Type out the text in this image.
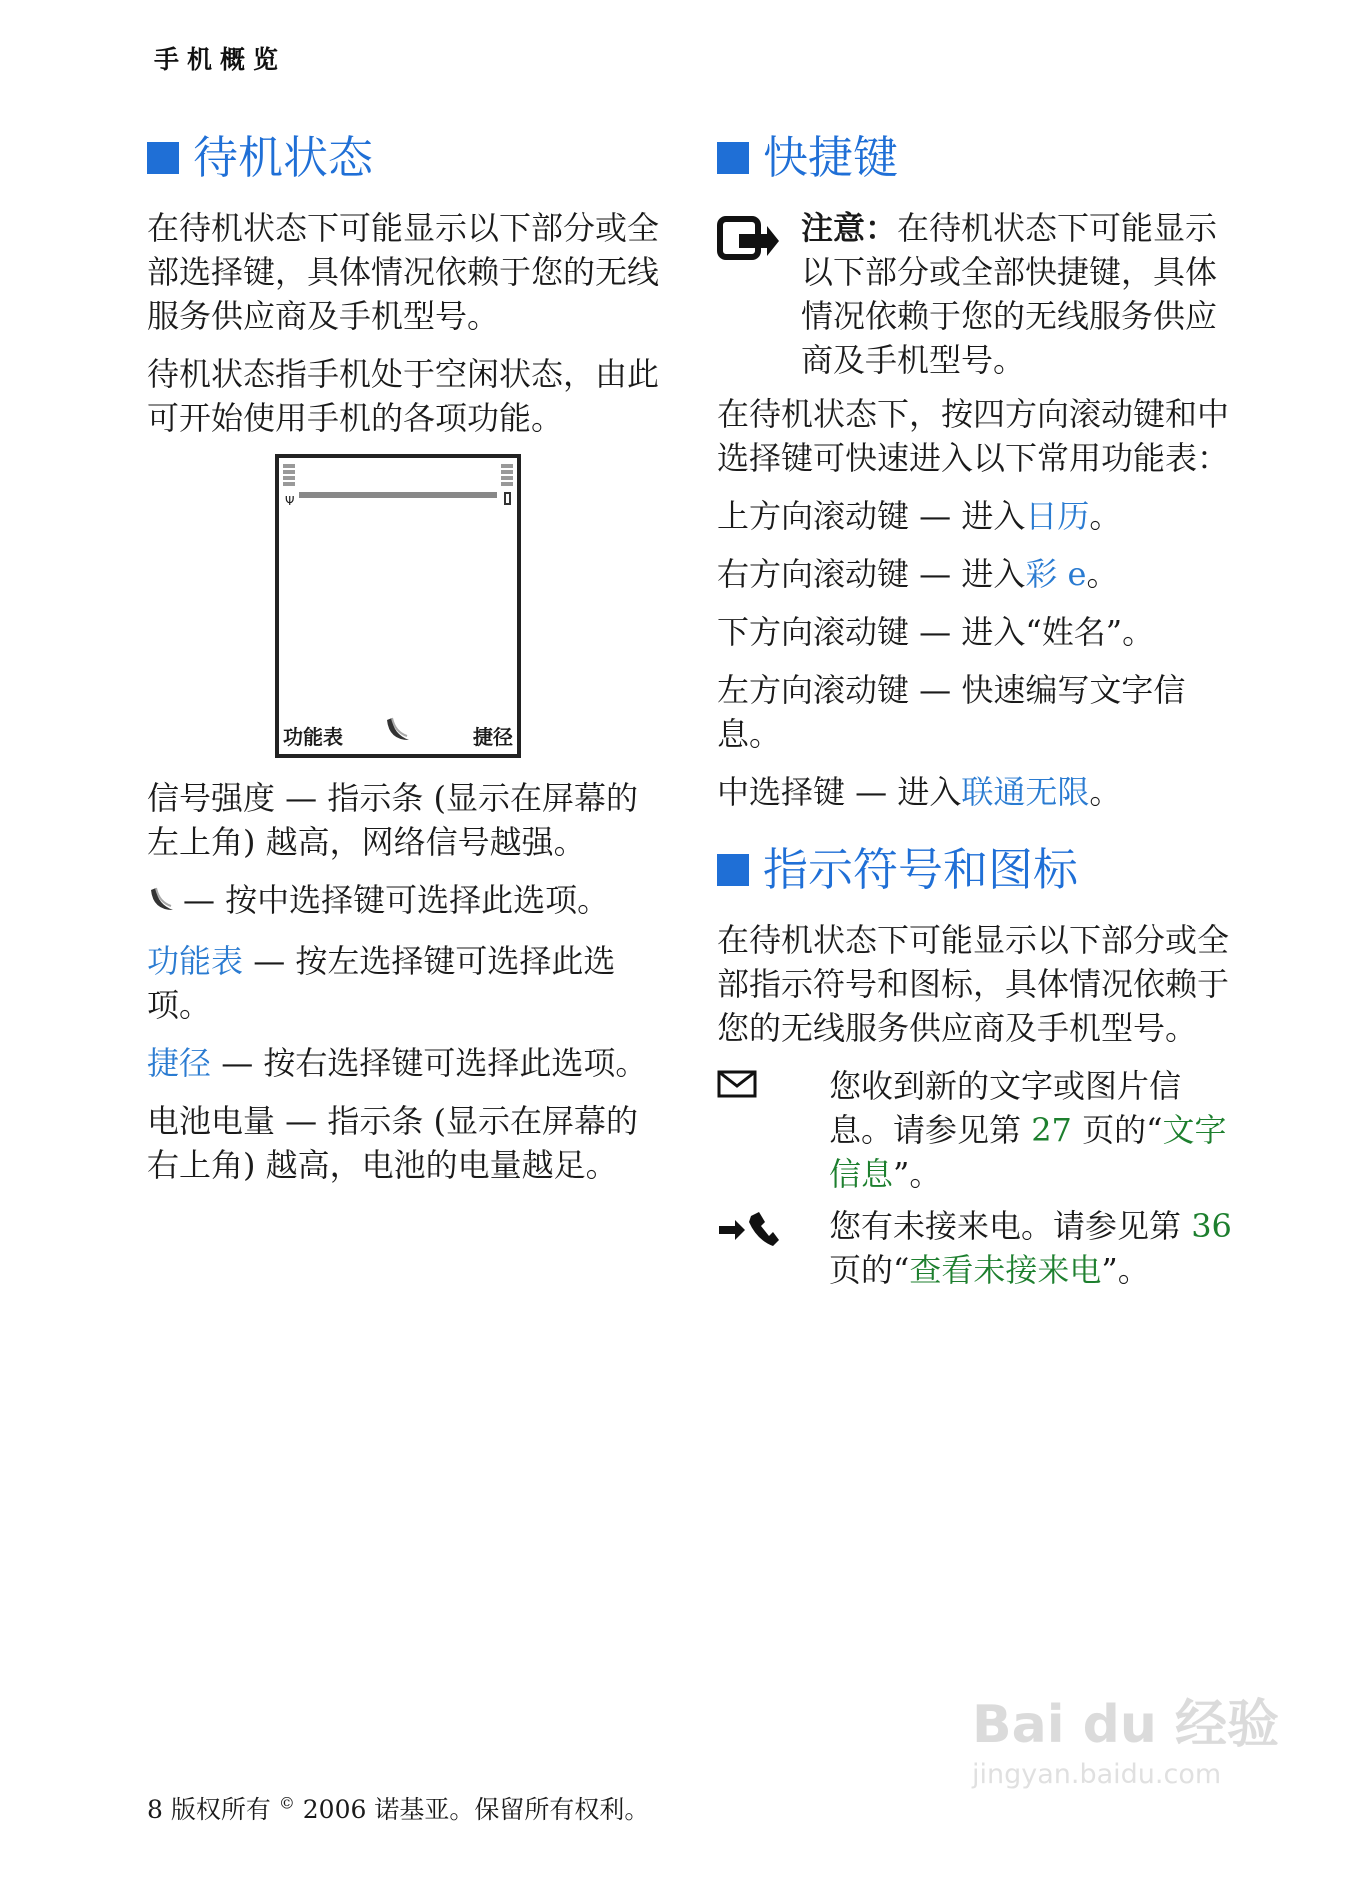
手机概览
待机状态

在待机状态下可能显示以下部分或全部选择键，具体情况依赖于您的无线服务供应商及手机型号。

待机状态指手机处于空闲状态，由此可开始使用手机的各项功能。

Ψ
功能表	捷径

信号强度 — 指示条 (显示在屏幕的左上角) 越高，网络信号越强。

— 按中选择键可选择此选项。

功能表 — 按左选择键可选择此选项。

捷径 — 按右选择键可选择此选项。

电池电量 — 指示条 (显示在屏幕的右上角) 越高，电池的电量越足。

快捷键

注意：在待机状态下可能显示以下部分或全部快捷键，具体情况依赖于您的无线服务供应商及手机型号。

在待机状态下，按四方向滚动键和中选择键可快速进入以下常用功能表：

上方向滚动键 — 进入日历。

右方向滚动键 — 进入彩 e。

下方向滚动键 — 进入“姓名”。

左方向滚动键 — 快速编写文字信息。

中选择键 — 进入联通无限。

指示符号和图标

在待机状态下可能显示以下部分或全部指示符号和图标，具体情况依赖于您的无线服务供应商及手机型号。

您收到新的文字或图片信息。请参见第 27 页的“文字信息”。

您有未接来电。请参见第 36 页的“查看未接来电”。

8 版权所有 © 2006 诺基亚。保留所有权利。
Bai du 经验
jingyan.baidu.com
